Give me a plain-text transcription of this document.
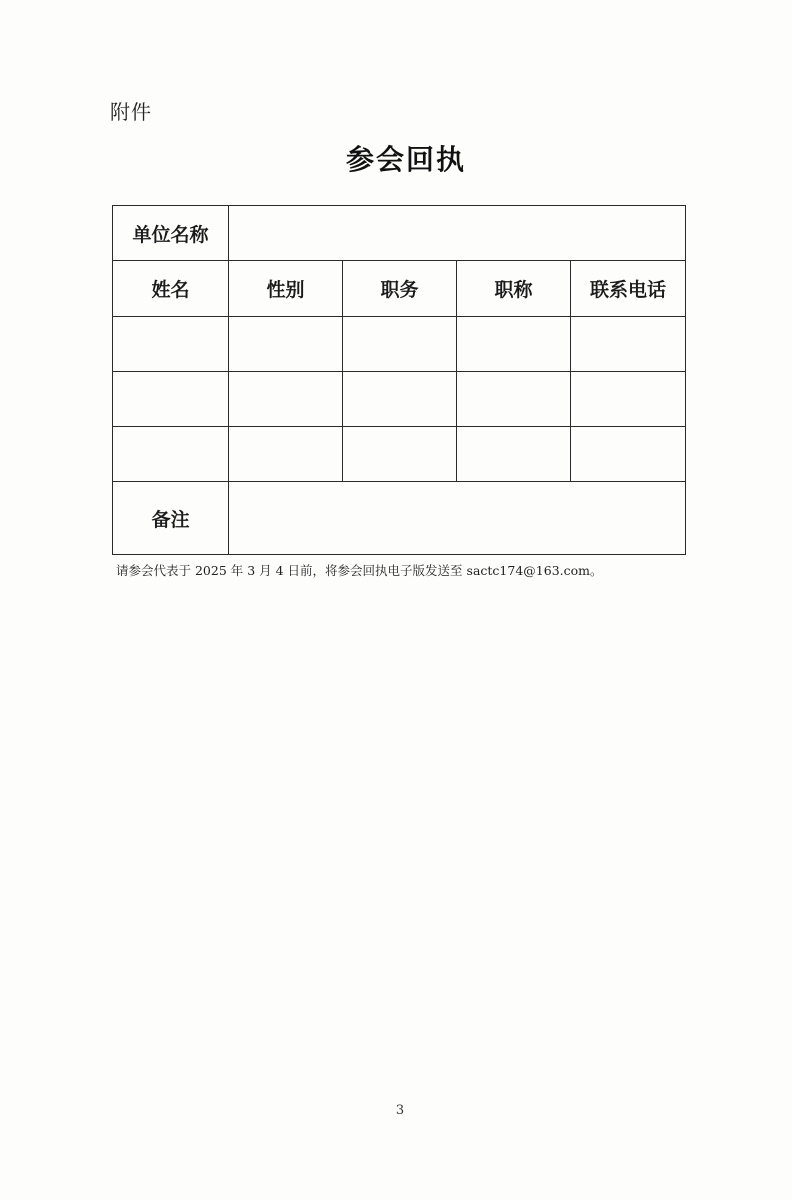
附件
参会回执
单位名称				
姓名	性别	职务	职称	联系电话

备注				
请参会代表于 2025 年 3 月 4 日前，将参会回执电子版发送至 sactc174@163.com。
3
